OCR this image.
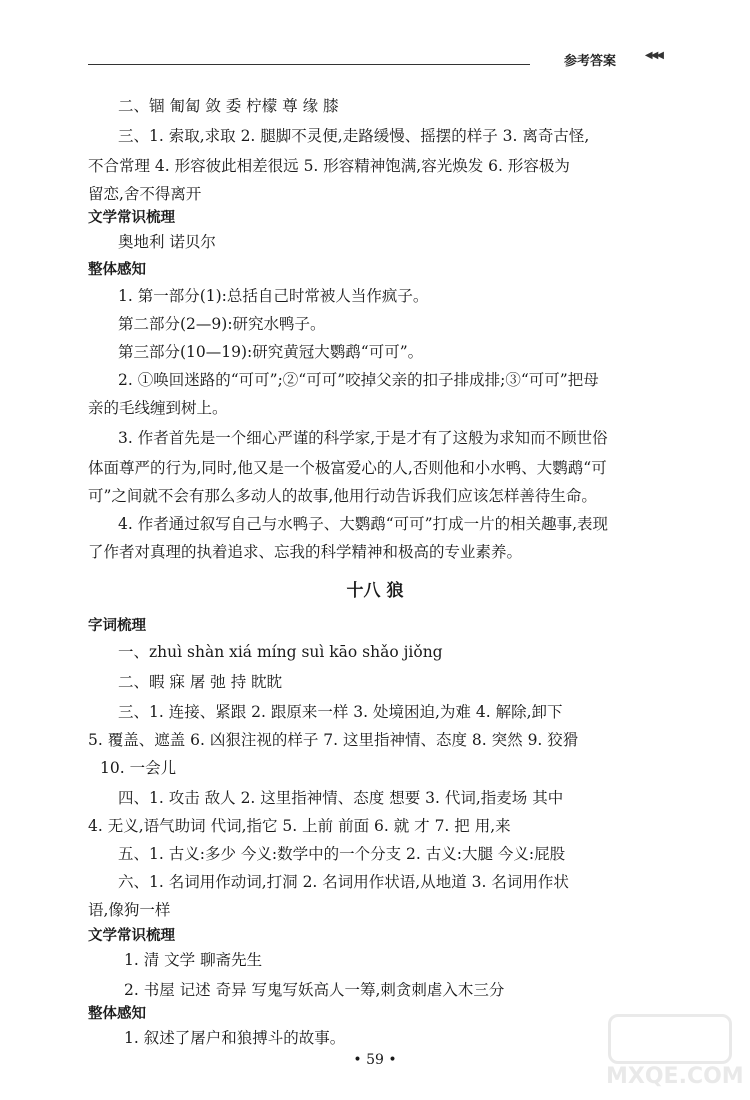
参考答案	◀◀◀
二、锢 匍匐 敛 委 柠檬 尊 缘 膝
三、1. 索取,求取 2. 腿脚不灵便,走路缓慢、摇摆的样子 3. 离奇古怪,
不合常理 4. 形容彼此相差很远 5. 形容精神饱满,容光焕发 6. 形容极为
留恋,舍不得离开
文学常识梳理
奥地利 诺贝尔
整体感知
1. 第一部分(1):总括自己时常被人当作疯子。
第二部分(2—9):研究水鸭子。
第三部分(10—19):研究黄冠大鹦鹉“可可”。
2. ①唤回迷路的“可可”;②“可可”咬掉父亲的扣子排成排;③“可可”把母
亲的毛线缠到树上。
3. 作者首先是一个细心严谨的科学家,于是才有了这般为求知而不顾世俗
体面尊严的行为,同时,他又是一个极富爱心的人,否则他和小水鸭、大鹦鹉“可
可”之间就不会有那么多动人的故事,他用行动告诉我们应该怎样善待生命。
4. 作者通过叙写自己与水鸭子、大鹦鹉“可可”打成一片的相关趣事,表现
了作者对真理的执着追求、忘我的科学精神和极高的专业素养。
十八 狼
字词梳理
一、zhuì shàn xiá míng suì kāo shǎo jiǒng
二、暇 寐 屠 弛 持 眈眈
三、1. 连接、紧跟 2. 跟原来一样 3. 处境困迫,为难 4. 解除,卸下
5. 覆盖、遮盖 6. 凶狠注视的样子 7. 这里指神情、态度 8. 突然 9. 狡猾
10. 一会儿
四、1. 攻击 敌人 2. 这里指神情、态度 想要 3. 代词,指麦场 其中
4. 无义,语气助词 代词,指它 5. 上前 前面 6. 就 才 7. 把 用,来
五、1. 古义:多少 今义:数学中的一个分支 2. 古义:大腿 今义:屁股
六、1. 名词用作动词,打洞 2. 名词用作状语,从地道 3. 名词用作状
语,像狗一样
文学常识梳理
1. 清 文学 聊斋先生
2. 书屋 记述 奇异 写鬼写妖高人一筹,刺贪刺虐入木三分
整体感知
1. 叙述了屠户和狼搏斗的故事。
• 59 •
MXQE.COM
